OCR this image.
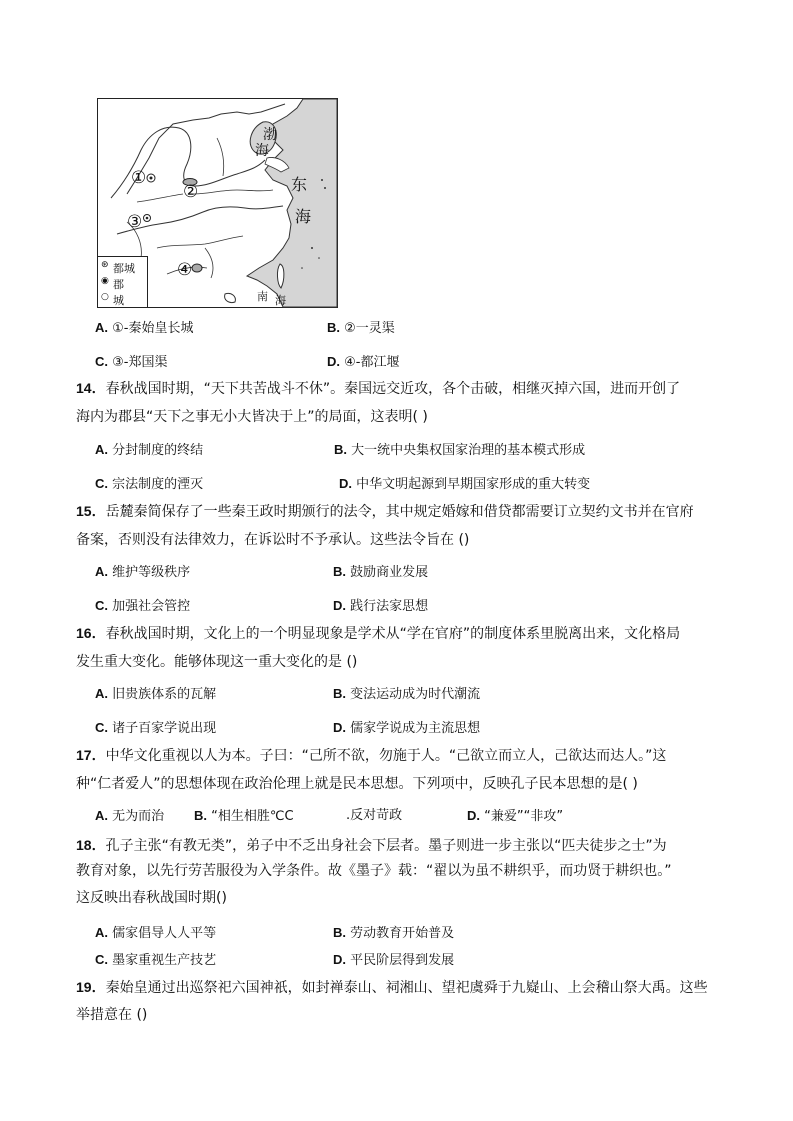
渤
海
东
海
南 海
①
②
③
④
⊛ 都城
◉ 郡
○ 城
A. ①-秦始皇长城	B. ②一灵渠
C. ③-郑国渠	D. ④-都江堰
14．春秋战国时期，“天下共苦战斗不休”。秦国远交近攻，各个击破，相继灭掉六国，进而开创了
海内为郡县“天下之事无小大皆决于上”的局面，这表明( )
A. 分封制度的终结	B. 大一统中央集权国家治理的基本模式形成
C. 宗法制度的湮灭	D. 中华文明起源到早期国家形成的重大转变
15．岳麓秦简保存了一些秦王政时期颁行的法令，其中规定婚嫁和借贷都需要订立契约文书并在官府
备案，否则没有法律效力，在诉讼时不予承认。这些法令旨在 ()
A. 维护等级秩序	B. 鼓励商业发展
C. 加强社会管控	D. 践行法家思想
16．春秋战国时期，文化上的一个明显现象是学术从“学在官府”的制度体系里脱离出来，文化格局
发生重大变化。能够体现这一重大变化的是 ()
A. 旧贵族体系的瓦解	B. 变法运动成为时代潮流
C. 诸子百家学说出现	D. 儒家学说成为主流思想
17．中华文化重视以人为本。子曰：“己所不欲，勿施于人。“己欲立而立人，己欲达而达人。”这
种“仁者爱人”的思想体现在政治伦理上就是民本思想。下列项中，反映孔子民本思想的是( )
A. 无为而治 B. “相生相胜℃C	.反对苛政	D. “兼爱”“非攻”
18．孔子主张“有教无类”，弟子中不乏出身社会下层者。墨子则进一步主张以“匹夫徒步之士”为
教育对象，以先行劳苦服役为入学条件。故《墨子》载：“翟以为虽不耕织乎，而功贤于耕织也。”
这反映出春秋战国时期()
A. 儒家倡导人人平等	B. 劳动教育开始普及
C. 墨家重视生产技艺	D. 平民阶层得到发展
19．秦始皇通过出巡祭祀六国神祇，如封禅泰山、祠湘山、望祀虞舜于九嶷山、上会稽山祭大禹。这些
举措意在 ()
